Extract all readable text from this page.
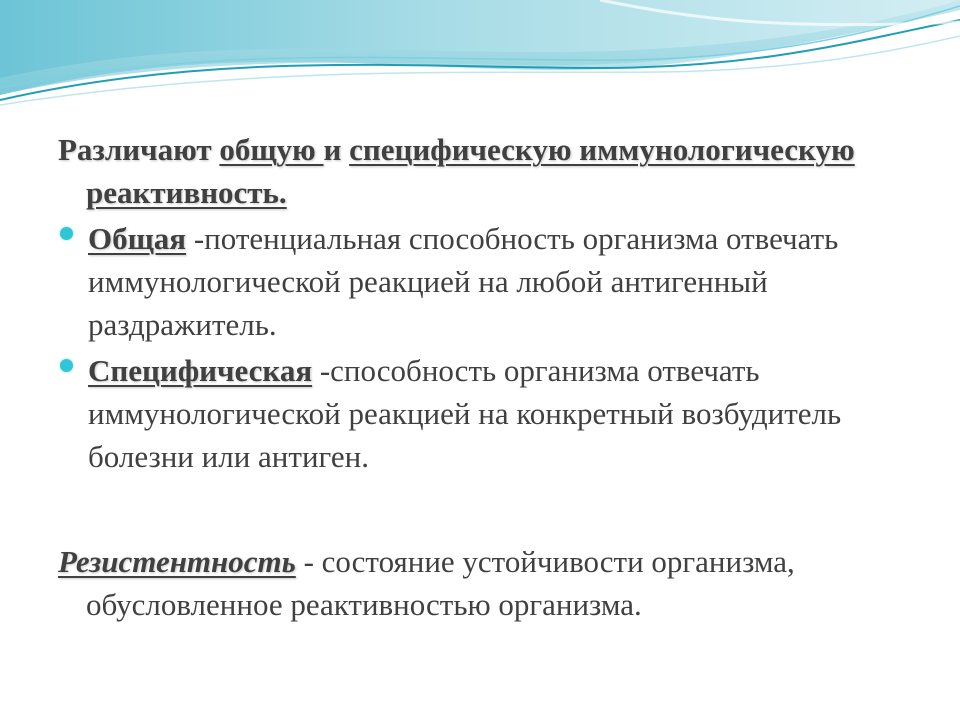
Различают общую и специфическую иммунологическую реактивность.

Общая -потенциальная способность организма отвечать иммунологической реакцией на любой антигенный раздражитель.
Специфическая -способность организма отвечать иммунологической реакцией на конкретный возбудитель болезни или антиген.

Резистентность - состояние устойчивости организма, обусловленное реактивностью организма.
